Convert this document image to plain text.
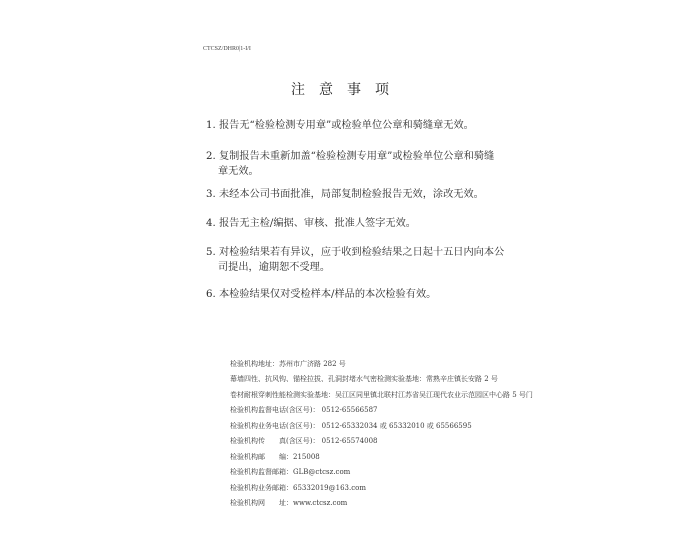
CTCSZ/DHR0|1-I/I
注意事项
1. 报告无“检验检测专用章”或检验单位公章和骑缝章无效。
2. 复制报告未重新加盖“检验检测专用章”或检验单位公章和骑缝
章无效。
3. 未经本公司书面批准，局部复制检验报告无效，涂改无效。
4. 报告无主检/编据、审核、批准人签字无效。
5. 对检验结果若有异议，应于收到检验结果之日起十五日内向本公
司提出，逾期恕不受理。
6. 本检验结果仅对受检样本/样品的本次检验有效。
检验机构地址：苏州市广济路 282 号
幕墙四性、抗风钩、锚栓拉拔、孔洞封堵水气密检测实验基地：常熟辛庄镇长安路 2 号
卷材耐根穿刺性能检测实验基地：吴江区同里镇北联村江苏省吴江现代农业示范园区中心路 5 号门
检验机构监督电话(含区号)： 0512-65566587
检验机构业务电话(含区号)： 0512-65332034 或 65332010 或 65566595
检验机构传　　真(含区号)： 0512-65574008
检验机构邮　　编：215008
检验机构监督邮箱：GLB@ctcsz.com
检验机构业务邮箱：65332019@163.com
检验机构网　　址：www.ctcsz.com
